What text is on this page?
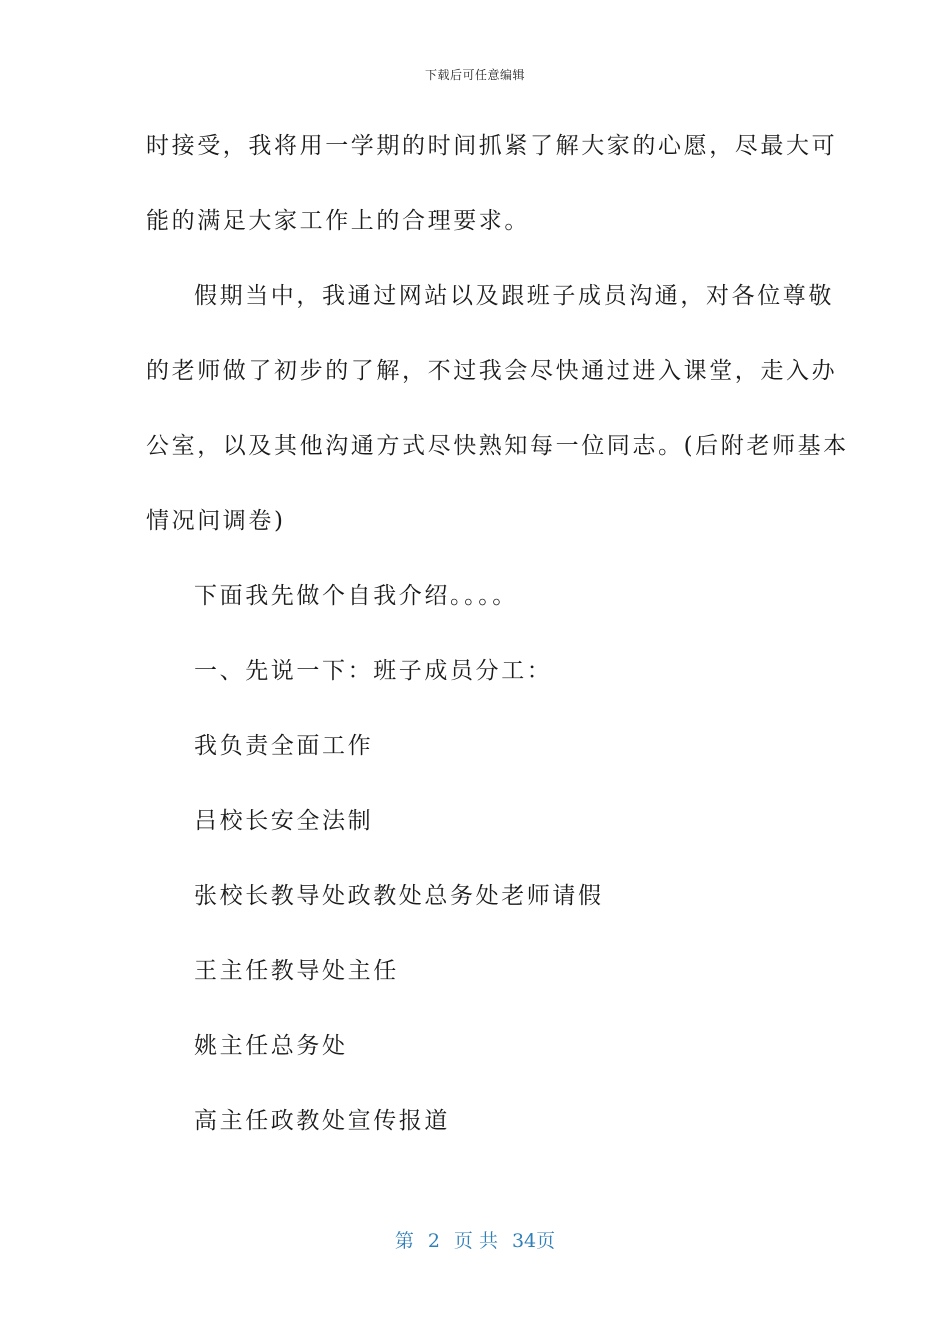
下载后可任意编辑
时接受，我将用一学期的时间抓紧了解大家的心愿，尽最大可
能的满足大家工作上的合理要求。
假期当中，我通过网站以及跟班子成员沟通，对各位尊敬
的老师做了初步的了解，不过我会尽快通过进入课堂，走入办
公室，以及其他沟通方式尽快熟知每一位同志。(后附老师基本
情况问调卷)
下面我先做个自我介绍。。。。
一、先说一下：班子成员分工：
我负责全面工作
吕校长安全法制
张校长教导处政教处总务处老师请假
王主任教导处主任
姚主任总务处
高主任政教处宣传报道
第 2 页 共 34页
